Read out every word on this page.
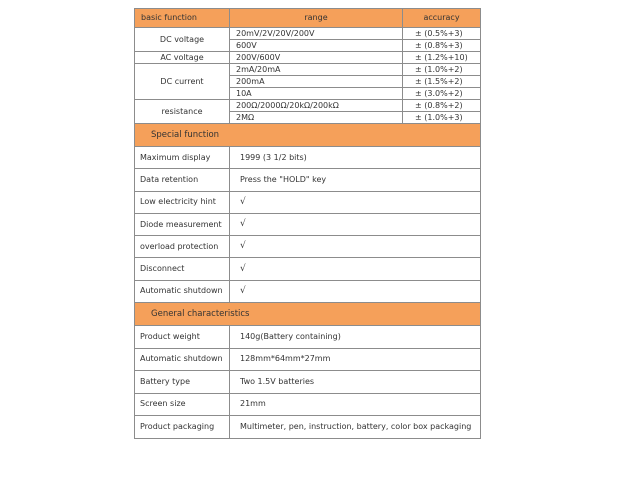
basic function	range	accuracy
DC voltage	20mV/2V/20V/200V	± (0.5%+3)
	600V	± (0.8%+3)
AC voltage	200V/600V	± (1.2%+10)
DC current	2mA/20mA	± (1.0%+2)
	200mA	± (1.5%+2)
	10A	± (3.0%+2)
resistance	200Ω/2000Ω/20kΩ/200kΩ	± (0.8%+2)
	2MΩ	± (1.0%+3)
Special function	
Maximum display	1999 (3 1/2 bits)
Data retention	Press the "HOLD" key
Low electricity hint	√
Diode measurement	√
overload protection	√
Disconnect	√
Automatic shutdown	√
General characteristics	
Product weight	140g(Battery containing)
Automatic shutdown	128mm*64mm*27mm
Battery type	Two 1.5V batteries
Screen size	21mm
Product packaging	Multimeter, pen, instruction, battery, color box packaging
